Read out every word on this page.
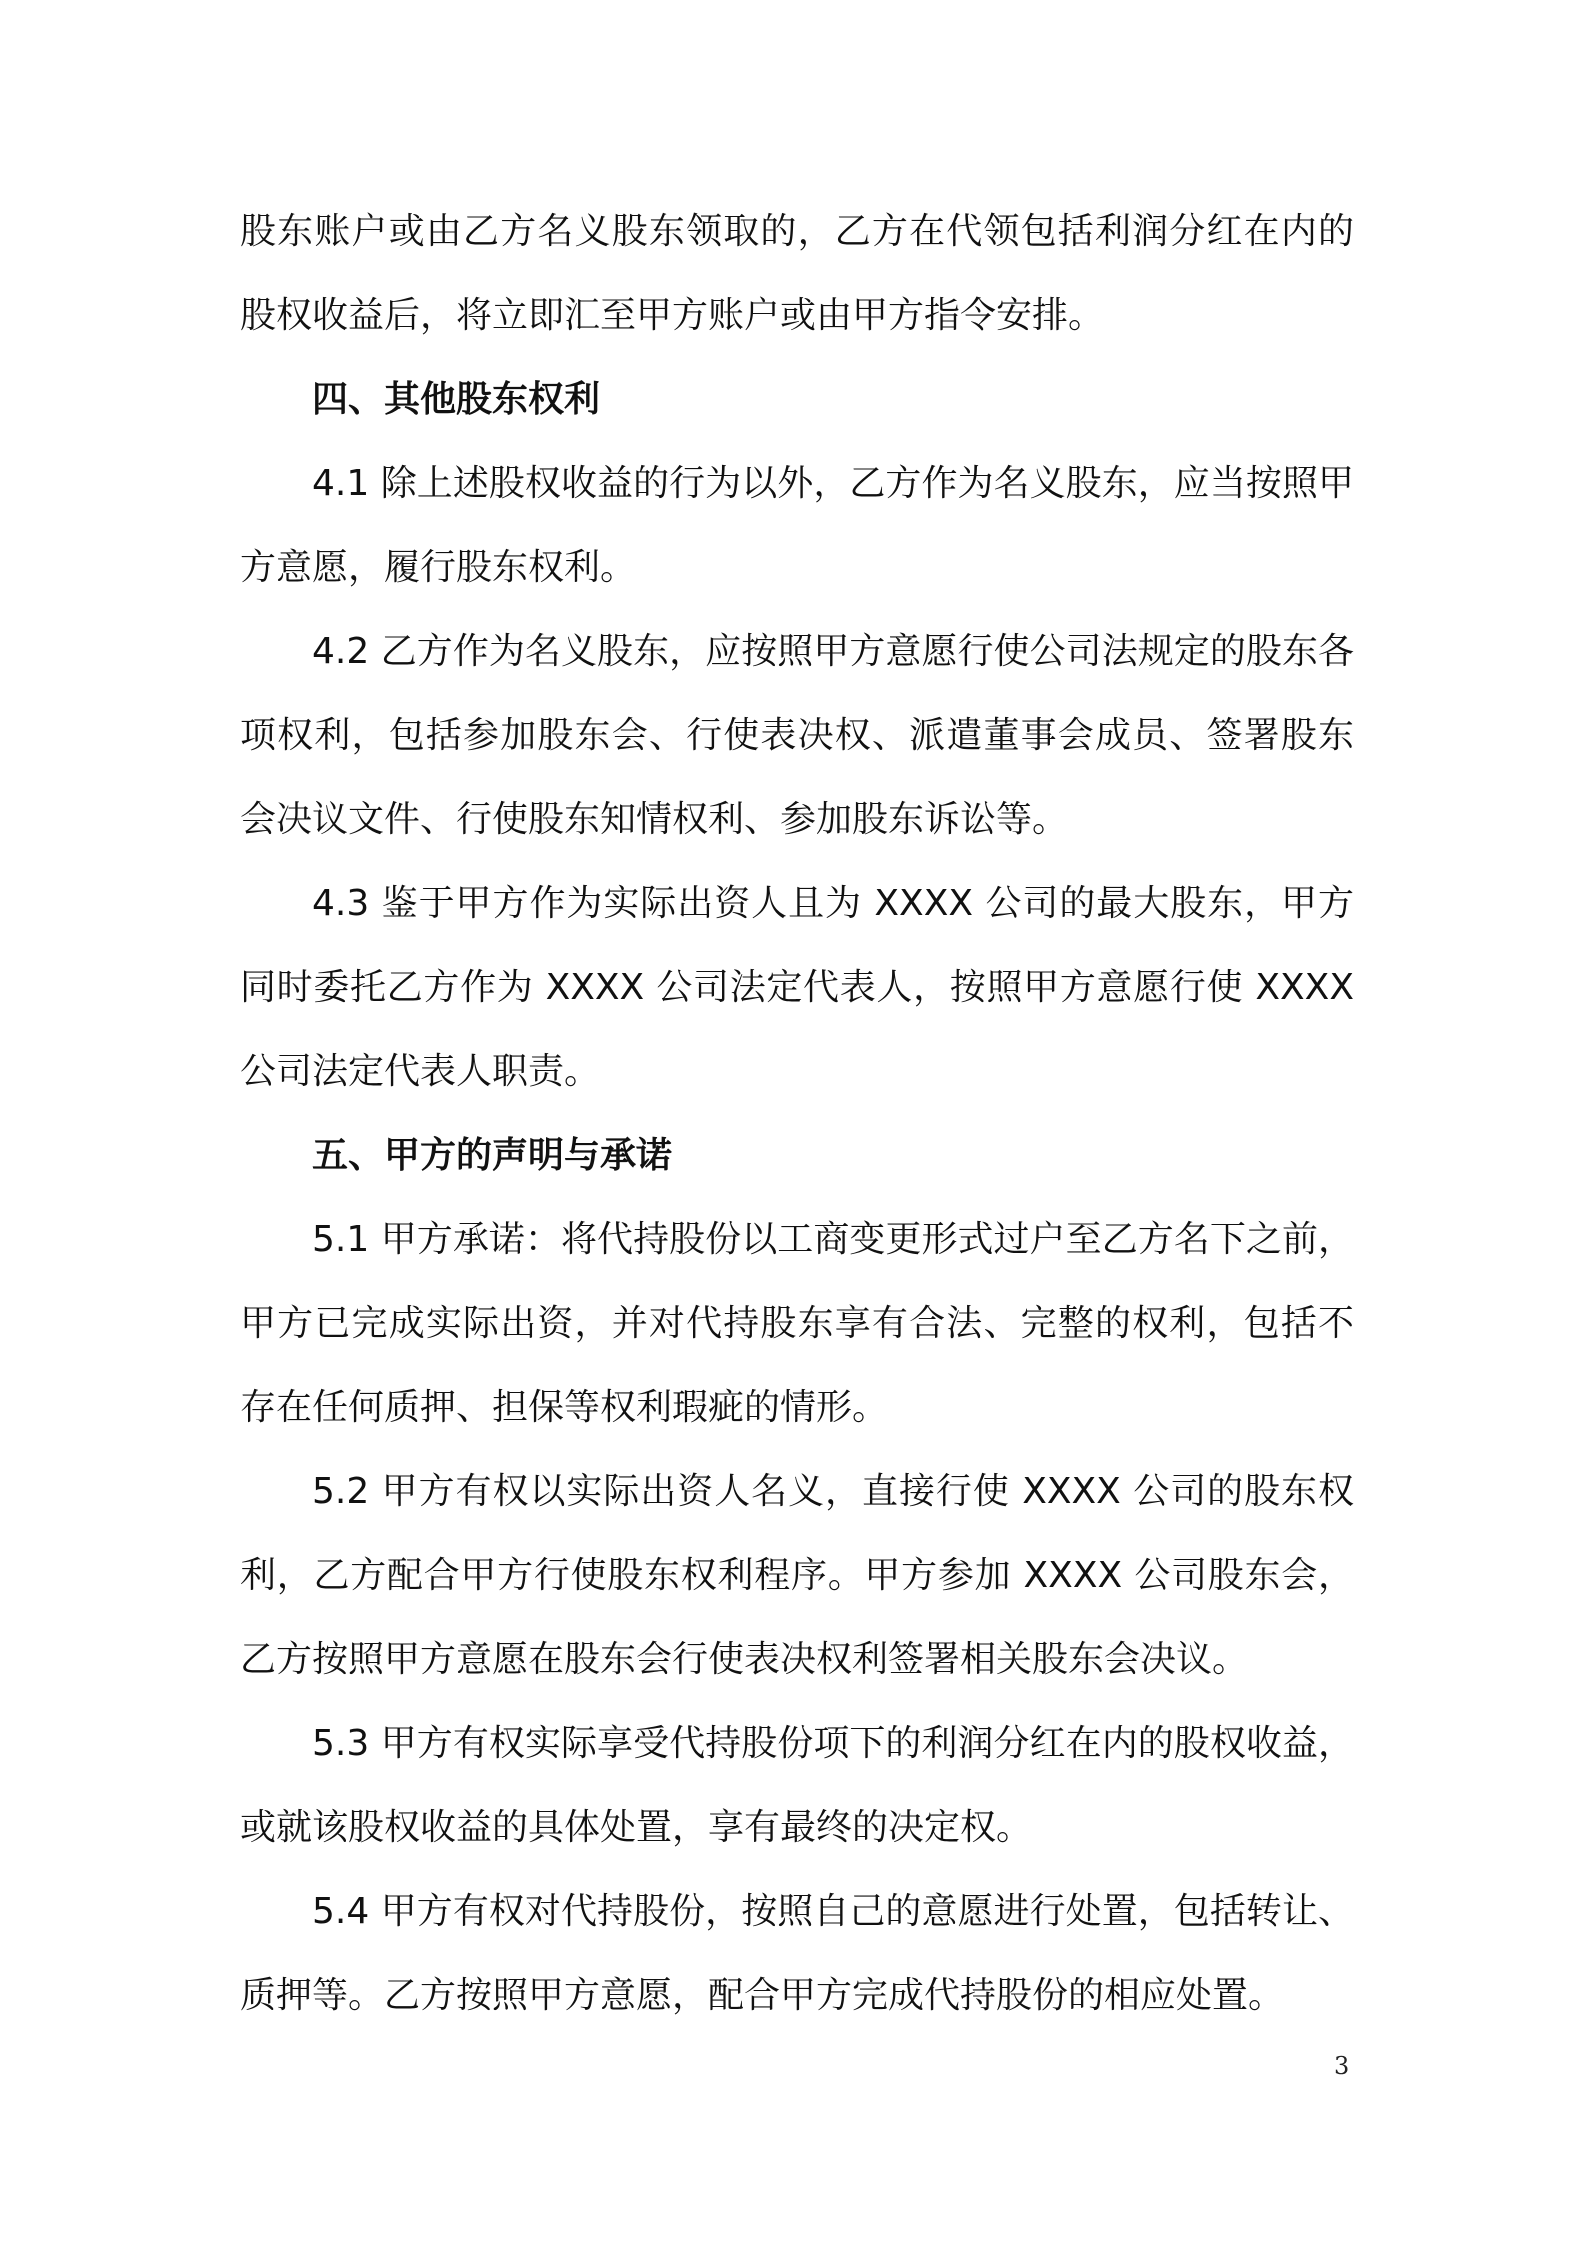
股东账户或由乙方名义股东领取的，乙方在代领包括利润分红在内的股权收益后，将立即汇至甲方账户或由甲方指令安排。

四、其他股东权利

4.1 除上述股权收益的行为以外，乙方作为名义股东，应当按照甲方意愿，履行股东权利。

4.2 乙方作为名义股东，应按照甲方意愿行使公司法规定的股东各项权利，包括参加股东会、行使表决权、派遣董事会成员、签署股东会决议文件、行使股东知情权利、参加股东诉讼等。

4.3 鉴于甲方作为实际出资人且为 XXXX 公司的最大股东，甲方同时委托乙方作为 XXXX 公司法定代表人，按照甲方意愿行使 XXXX 公司法定代表人职责。

五、甲方的声明与承诺

5.1 甲方承诺：将代持股份以工商变更形式过户至乙方名下之前，甲方已完成实际出资，并对代持股东享有合法、完整的权利，包括不存在任何质押、担保等权利瑕疵的情形。

5.2 甲方有权以实际出资人名义，直接行使 XXXX 公司的股东权利，乙方配合甲方行使股东权利程序。甲方参加 XXXX 公司股东会，乙方按照甲方意愿在股东会行使表决权利签署相关股东会决议。

5.3 甲方有权实际享受代持股份项下的利润分红在内的股权收益，或就该股权收益的具体处置，享有最终的决定权。

5.4 甲方有权对代持股份，按照自己的意愿进行处置，包括转让、质押等。乙方按照甲方意愿，配合甲方完成代持股份的相应处置。

3
